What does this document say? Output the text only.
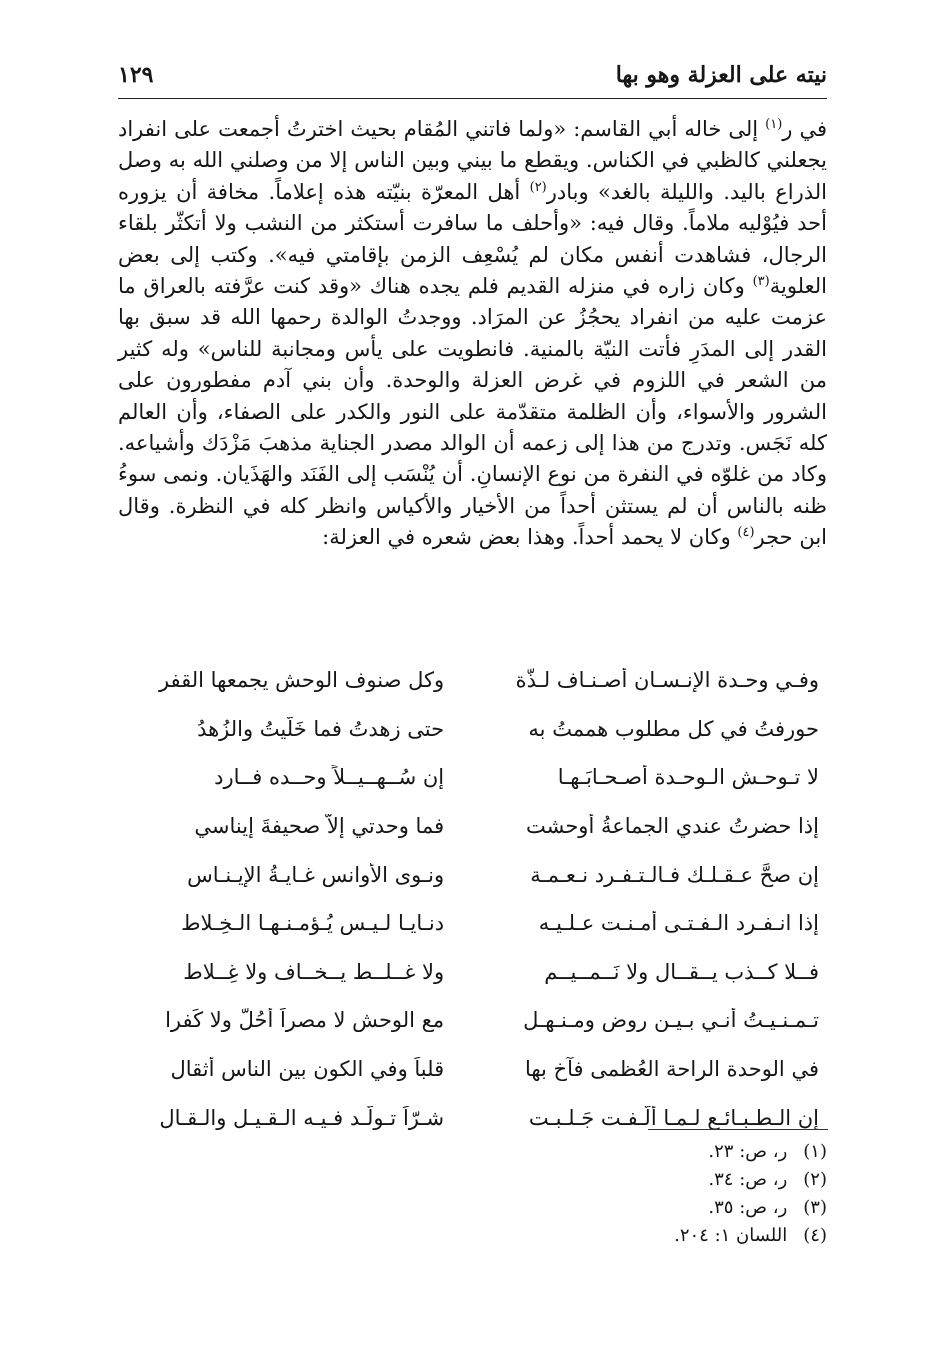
نيته على العزلة وهو بها
١٢٩
في ر$^{(١)}$ إلى خاله أبي القاسم: «ولما فاتني المُقام بحيث اخترتُ أجمعت على انفراد يجعلني كالظبي في الكناس. ويقطع ما بيني وبين الناس إلا من وصلني الله به وصل الذراع باليد. والليلة بالغد» وبادر$^{(٢)}$ أهل المعرّة بنيّته هذه إعلاماً. مخافة أن يزوره أحد فيُوْليه ملاماً. وقال فيه: «وأحلف ما سافرت أستكثر من النشب ولا أتكثّر بلقاء الرجال، فشاهدت أنفس مكان لم يُسْعِف الزمن بإقامتي فيه». وكتب إلى بعض العلوية$^{(٣)}$ وكان زاره في منزله القديم فلم يجده هناك «وقد كنت عرَّفته بالعراق ما عزمت عليه من انفراد يحجُزُ عن المرَاد. ووجدتُ الوالدة رحمها الله قد سبق بها القدر إلى المدَرِ فأتت النيّة بالمنية. فانطويت على يأس ومجانبة للناس» وله كثير من الشعر في اللزوم في غرض العزلة والوحدة. وأن بني آدم مفطورون على الشرور والأسواء، وأن الظلمة متقدّمة على النور والكدر على الصفاء، وأن العالم كله نَجَس. وتدرج من هذا إلى زعمه أن الوالد مصدر الجناية مذهبَ مَزْدَك وأشياعه. وكاد من غلوّه في النفرة من نوع الإنسانِ. أن يُنْسَب إلى الفَنَد والهَذَيان. ونمى سوءُ ظنه بالناس أن لم يستثن أحداً من الأخيار والأكياس وانظر كله في النظرة. وقال ابن حجر$^{(٤)}$ وكان لا يحمد أحداً. وهذا بعض شعره في العزلة:
وفـي وحـدة الإنـسـان أصـنـاف لـذّة
وكل صنوف الوحش يجمعها القفر
حورفتُ في كل مطلوب هممتُ به
حتى زهدتُ فما خَلّيتُ والزُهدُ
لا تـوحـش الـوحـدة أصـحـابَـهـا
إن سُــهــيــلاً وحــده فــارد
إذا حضرتُ عندي الجماعةُ أوحشت
فما وحدتي إلاّ صحيفةَ إيناسي
إن صحَّ عـقـلـك فـالـتـفـرد نـعـمـة
ونـوى الأوانس غـايـةُ الإيـنـاس
إذا انـفـرد الـفـتـى أُمـنـت عـلـيـه
دنـايـا لـيـس يُـؤمـنـهـا الـخِـلاط
فــلا كــذب يــقــال ولا نَــمــيــم
ولا غــلــط يــخــاف ولا غِــلاط
تـمـنـيـتُ أنـي بـيـن روض ومـنـهـل
مع الوحش لا مصراً أحُلّ ولا كَفرا
في الوحدة الراحة العُظمى فآخ بها
قلباً وفي الكون بين الناس أثقال
إن الـطـبـائـع لـمـا أُلّـفـت جَـلـبـت
شـرّاً تـولّـد فـيـه الـقـيـل والـقـال
(١) ر، ص: ٢٣.
(٢) ر، ص: ٣٤.
(٣) ر، ص: ٣٥.
(٤) اللسان ١: ٢٠٤.
